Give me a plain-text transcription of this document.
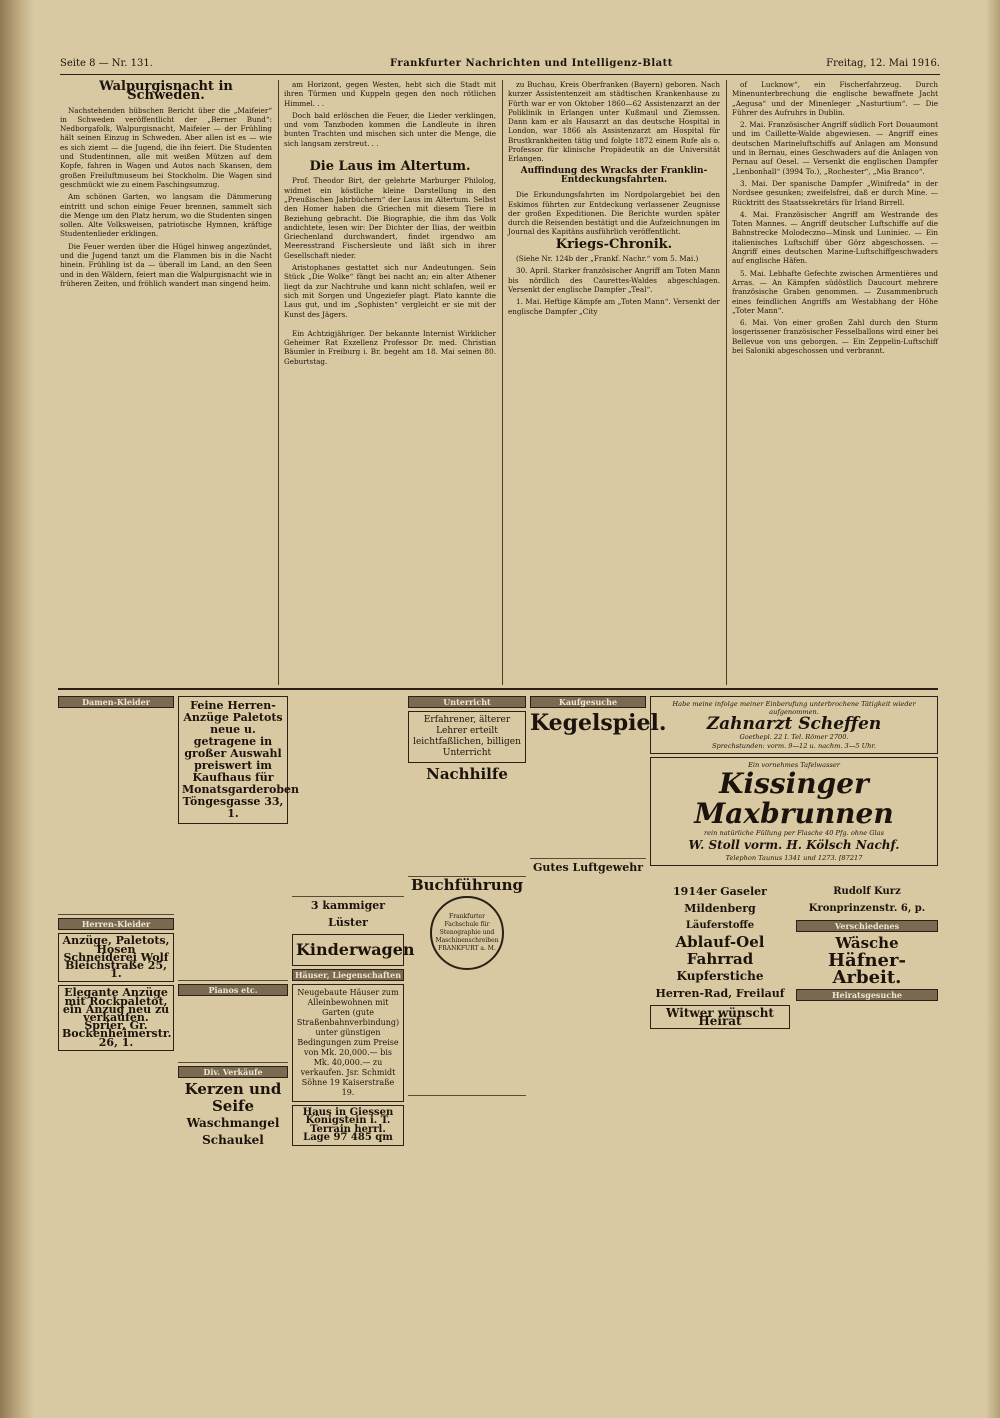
Seite 8 — Nr. 131.	Frankfurter Nachrichten und Intelligenz-Blatt	Freitag, 12. Mai 1916.
Walpurgisnacht in Schweden.

Nachstehenden hübschen Bericht über die „Maifeier“ in Schweden veröffentlicht der „Berner Bund“: Nedborgafolk, Walpurgisnacht, Maifeier — der Frühling hält seinen Einzug in Schweden. Aber allen ist es — wie es sich ziemt — die Jugend, die ihn feiert. Die Studenten und Studentinnen, alle mit weißen Mützen auf dem Kopfe, fahren in Wagen und Autos nach Skansen, dem großen Freiluftmuseum bei Stockholm. Die Wagen sind geschmückt wie zu einem Faschingsumzug.

Am schönen Garten, wo langsam die Dämmerung eintritt und schon einige Feuer brennen, sammelt sich die Menge um den Platz herum, wo die Studenten singen sollen. Alte Volksweisen, patriotische Hymnen, kräftige Studentenlieder erklingen.

Die Feuer werden über die Hügel hinweg angezündet, und die Jugend tanzt um die Flammen bis in die Nacht hinein. Frühling ist da — überall im Land, an den Seen und in den Wäldern, feiert man die Walpurgisnacht wie in früheren Zeiten, und fröhlich wandert man singend heim.

am Horizont, gegen Westen, hebt sich die Stadt mit ihren Türmen und Kuppeln gegen den noch rötlichen Himmel. . .

Doch bald erlöschen die Feuer, die Lieder verklingen, und vom Tanzboden kommen die Landleute in ihren bunten Trachten und mischen sich unter die Menge, die sich langsam zerstreut. . .

Die Laus im Altertum.

Prof. Theodor Birt, der gelehrte Marburger Philolog, widmet ein köstliche kleine Darstellung in den „Preußischen Jahrbüchern“ der Laus im Altertum. Selbst den Homer haben die Griechen mit diesem Tiere in Beziehung gebracht. Die Biographie, die ihm das Volk andichtete, lesen wir: Der Dichter der Ilias, der weitbin Griechenland durchwandert, findet irgendwo am Meeresstrand Fischersleute und läßt sich in ihrer Gesellschaft nieder.

Aristophanes gestattet sich nur Andeutungen. Sein Stück „Die Wolke“ fängt bei nacht an; ein alter Athener liegt da zur Nachtruhe und kann nicht schlafen, weil er sich mit Sorgen und Ungeziefer plagt. Plato kannte die Laus gut, und im „Sophisten“ vergleicht er sie mit der Kunst des Jägers.

Ein Achtzigjähriger. Der bekannte Internist Wirklicher Geheimer Rat Exzellenz Professor Dr. med. Christian Bäumler in Freiburg i. Br. begeht am 18. Mai seinen 80. Geburtstag.

zu Buchau, Kreis Oberfranken (Bayern) geboren. Nach kurzer Assistentenzeit am städtischen Krankenhause zu Fürth war er von Oktober 1860—62 Assistenzarzt an der Poliklinik in Erlangen unter Kußmaul und Ziemssen. Dann kam er als Hausarzt an das deutsche Hospital in London, war 1866 als Assistenzarzt am Hospital für Brustkrankheiten tätig und folgte 1872 einem Rufe als o. Professor für klinische Propädeutik an die Universität Erlangen.

Auffindung des Wracks der Franklin-Entdeckungsfahrten.

Die Erkundungsfahrten im Nordpolargebiet bei den Eskimos führten zur Entdeckung verlassener Zeugnisse der großen Expeditionen. Die Berichte wurden später durch die Reisenden bestätigt und die Aufzeichnungen im Journal des Kapitäns ausführlich veröffentlicht.

Kriegs-Chronik.

(Siehe Nr. 124b der „Frankf. Nachr.“ vom 5. Mai.)

30. April. Starker französischer Angriff am Toten Mann bis nördlich des Caurettes-Waldes abgeschlagen. Versenkt der englische Dampfer „Teal“.

1. Mai. Heftige Kämpfe am „Toten Mann“. Versenkt der englische Dampfer „City

of Lucknow“, ein Fischerfahrzeug. Durch Minenunterbrechung die englische bewaffnete Jacht „Aegusa“ und der Minenleger „Nasturtium“. — Die Führer des Aufruhrs in Dublin.

2. Mai. Französischer Angriff südlich Fort Douaumont und im Caillette-Walde abgewiesen. — Angriff eines deutschen Marineluftschiffs auf Anlagen am Monsund und in Bernau, eines Geschwaders auf die Anlagen von Pernau auf Oesel. — Versenkt die englischen Dampfer „Lenbonhall“ (3994 To.), „Rochester“, „Mia Branco“.

3. Mai. Der spanische Dampfer „Winifreda“ in der Nordsee gesunken; zweifelsfrei, daß er durch Mine. — Rücktritt des Staatssekretärs für Irland Birrell.

4. Mai. Französischer Angriff am Westrande des Toten Mannes. — Angriff deutscher Luftschiffe auf die Bahnstrecke Molodeczno—Minsk und Luniniec. — Ein italienisches Luftschiff über Görz abgeschossen. — Angriff eines deutschen Marine-Luftschiffgeschwaders auf englische Häfen.

5. Mai. Lebhafte Gefechte zwischen Armentières und Arras. — An Kämpfen südöstlich Daucourt mehrere französische Graben genommen. — Zusammenbruch eines feindlichen Angriffs am Westabhang der Höhe „Toter Mann“.

6. Mai. Von einer großen Zahl durch den Sturm losgerissener französischer Fesselballons wird einer bei Bellevue von uns geborgen. — Ein Zeppelin-Luftschiff bei Saloniki abgeschossen und verbrannt.

Damen-Kleider
Herren-Kleider
Anzüge, Paletots, Hosen Schneiderei Wolf Bleichstraße 25, 1.
Elegante Anzüge mit Rockpaletot, ein Anzug neu zu verkaufen. Sprier, Gr. Bockenheimerstr. 26, 1.
Feine Herren-Anzüge Paletots neue u. getragene in großer Auswahl preiswert im Kaufhaus für Monatsgarderoben Töngesgasse 33, 1.
Pianos etc.
Div. Verkäufe
Kerzen und Seife
Waschmangel
Schaukel
3 kammiger Lüster
Kinderwagen
Häuser, Liegenschaften
Neugebaute Häuser zum Alleinbewohnen mit Garten (gute Straßenbahnverbindung) unter günstigen Bedingungen zum Preise von Mk. 20,000.— bis Mk. 40,000.— zu verkaufen. Jsr. Schmidt Söhne 19 Kaiserstraße 19.
Haus in Giessen Königstein i. T. Terrain herrl. Lage 97 485 qm
Unterricht
Erfahrener, älterer Lehrer erteilt leichtfaßlichen, billigen Unterricht
Nachhilfe
Buchführung
Frankfurter Fachschule für Stenographie und Maschinenschreiben FRANKFURT a. M.
Kaufgesuche
Kegelspiel.
Gutes Luftgewehr
Habe meine infolge meiner Einberufung unterbrochene Tätigkeit wieder aufgenommen.
Zahnarzt Scheffen
Goethepl. 22 I. Tel. Römer 2700.
Sprechstunden: vorm. 9—12 u. nachm. 3—5 Uhr.
Ein vornehmes Tafelwasser
Kissinger Maxbrunnen
rein natürliche Füllung per Flasche 40 Pfg. ohne Glas
W. Stoll vorm. H. Kölsch Nachf.
Telephon Taunus 1341 und 1273. [87217
1914er Gaseler Mildenberg
Läuferstoffe
Ablauf-Oel
Fahrrad
Kupferstiche
Herren-Rad, Freilauf
Witwer wünscht Heirat
Rudolf Kurz Kronprinzenstr. 6, p.
Verschiedenes
Wäsche
Häfner-Arbeit.
Heiratsgesuche
